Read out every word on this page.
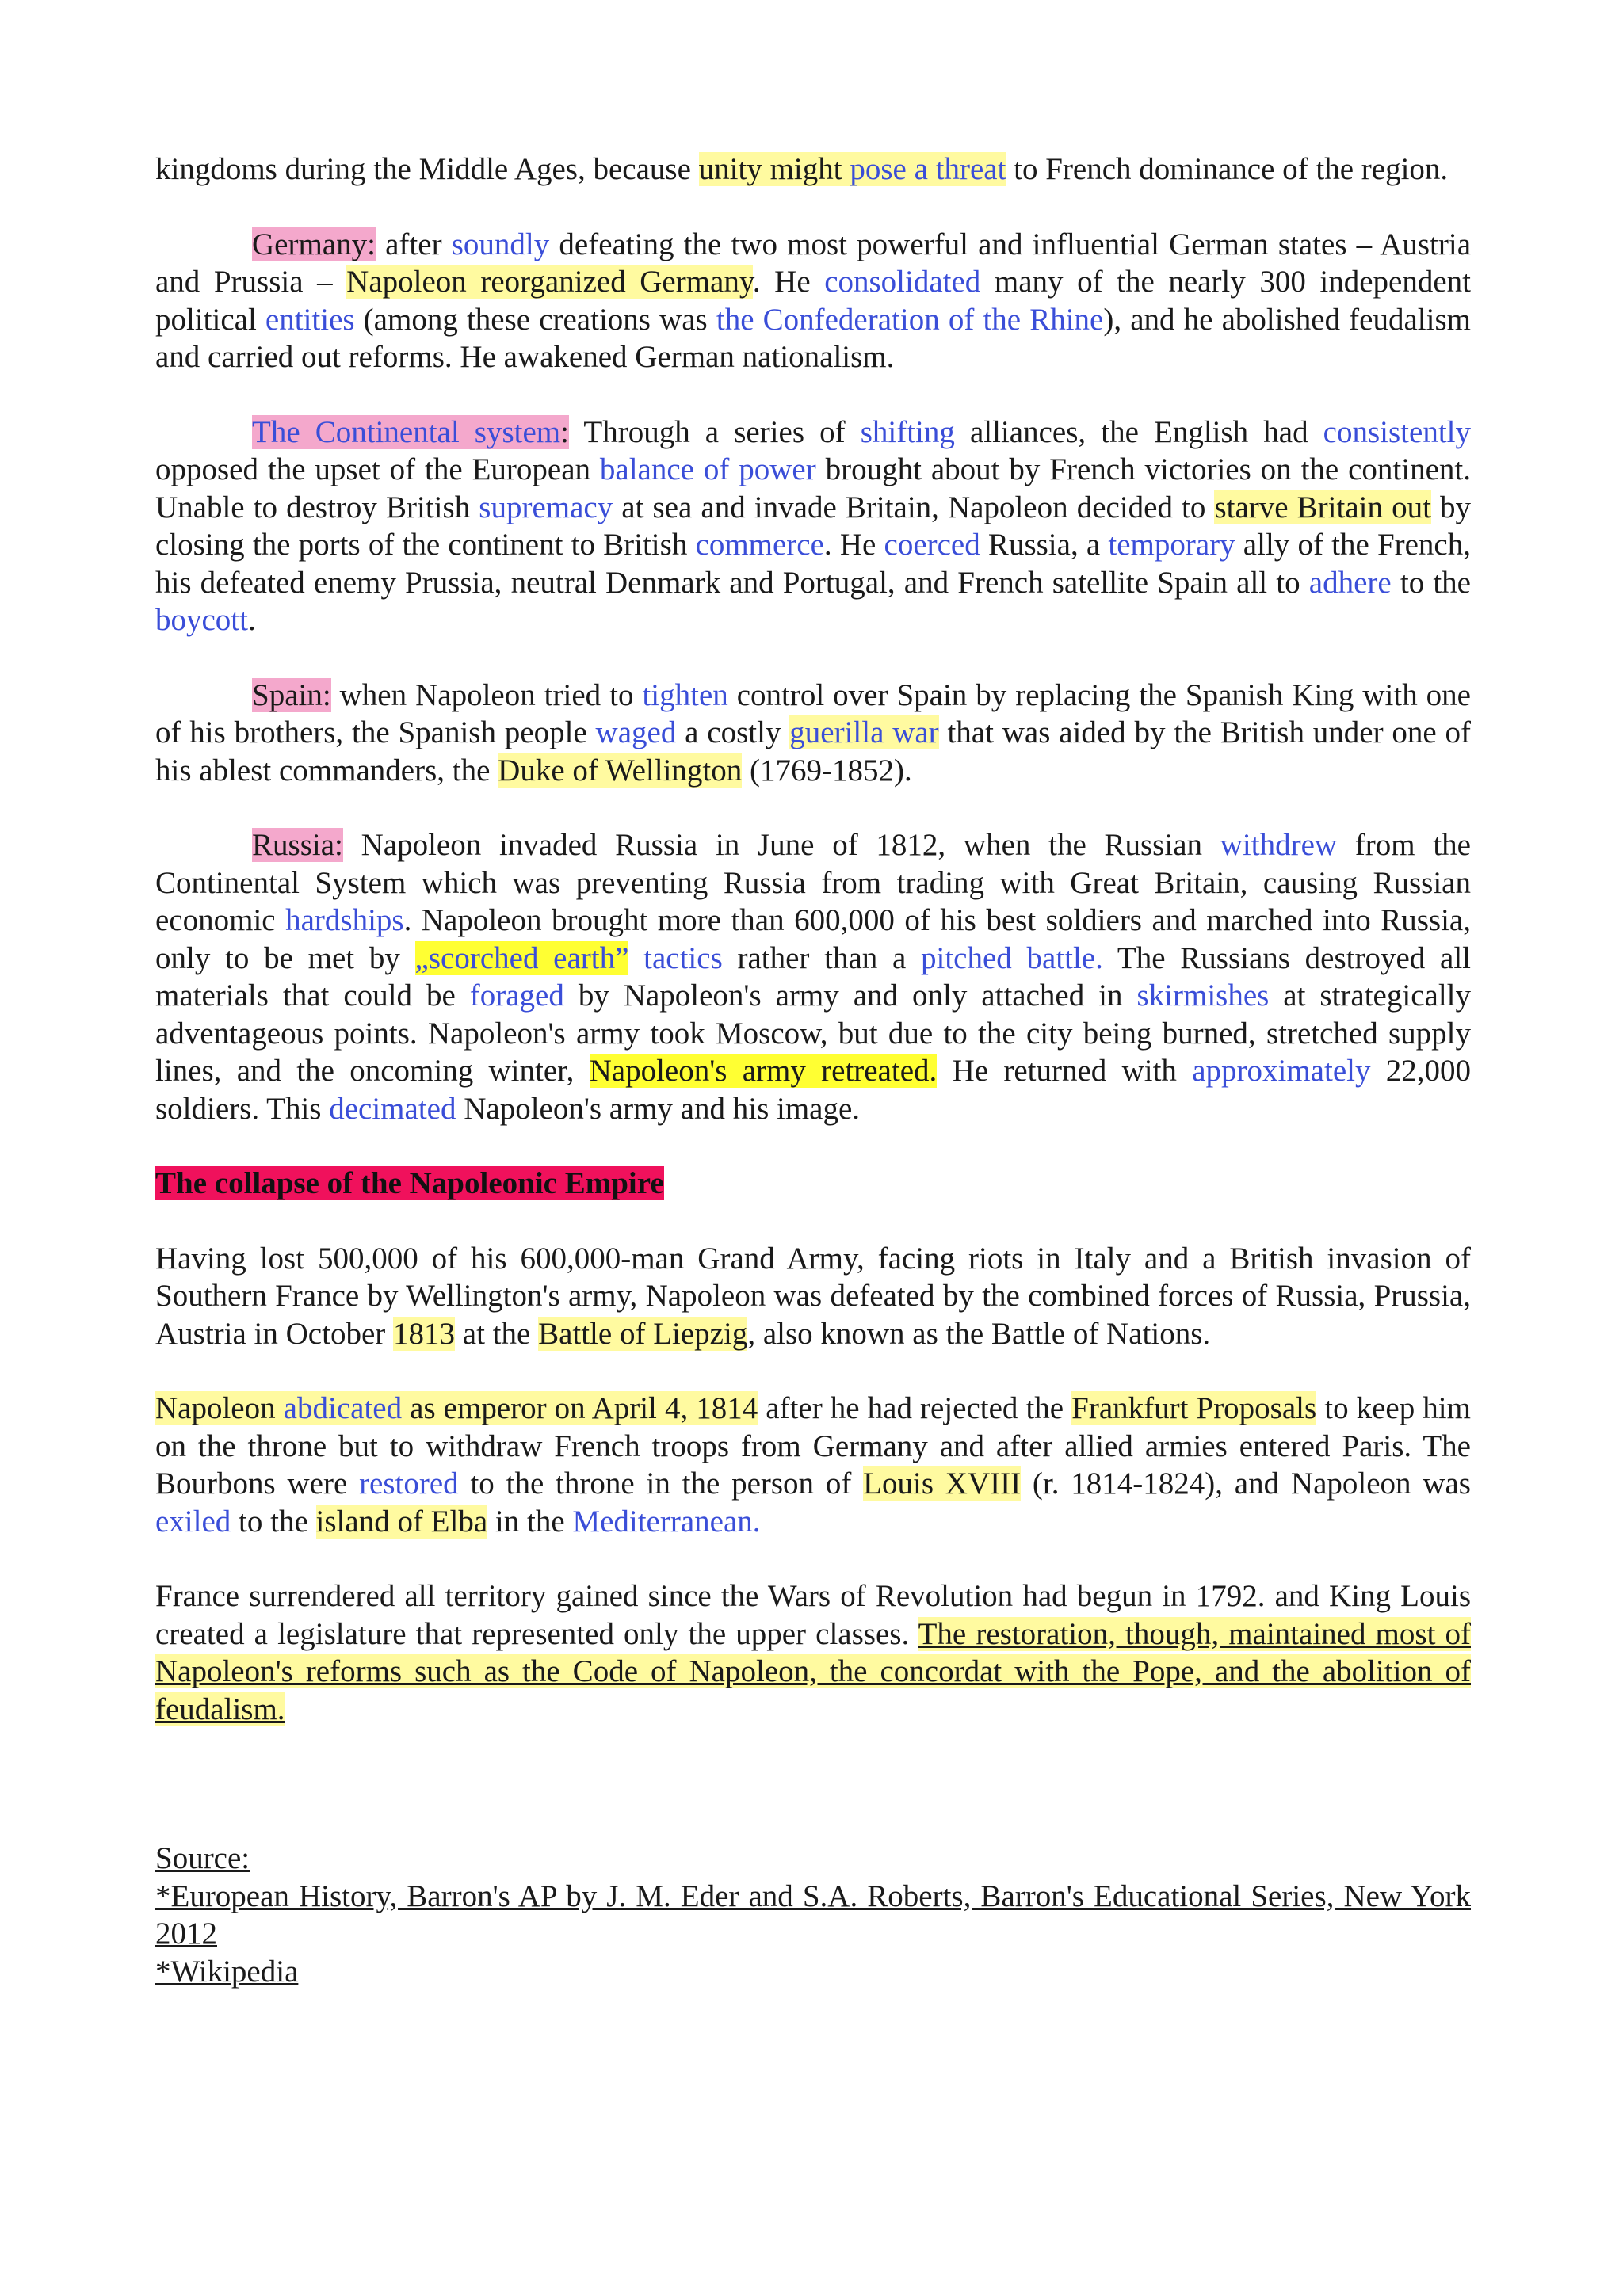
kingdoms during the Middle Ages, because unity might pose a threat to French dominance of the region.

Germany: after soundly defeating the two most powerful and influential German states – Austria and Prussia – Napoleon reorganized Germany. He consolidated many of the nearly 300 independent political entities (among these creations was the Confederation of the Rhine), and he abolished feudalism and carried out reforms. He awakened German nationalism.

The Continental system: Through a series of shifting alliances, the English had consistently opposed the upset of the European balance of power brought about by French victories on the continent. Unable to destroy British supremacy at sea and invade Britain, Napoleon decided to starve Britain out by closing the ports of the continent to British commerce. He coerced Russia, a temporary ally of the French, his defeated enemy Prussia, neutral Denmark and Portugal, and French satellite Spain all to adhere to the boycott.

Spain: when Napoleon tried to tighten control over Spain by replacing the Spanish King with one of his brothers, the Spanish people waged a costly guerilla war that was aided by the British under one of his ablest commanders, the Duke of Wellington (1769-1852).

Russia: Napoleon invaded Russia in June of 1812, when the Russian withdrew from the Continental System which was preventing Russia from trading with Great Britain, causing Russian economic hardships. Napoleon brought more than 600,000 of his best soldiers and marched into Russia, only to be met by „scorched earth” tactics rather than a pitched battle. The Russians destroyed all materials that could be foraged by Napoleon's army and only attached in skirmishes at strategically adventageous points. Napoleon's army took Moscow, but due to the city being burned, stretched supply lines, and the oncoming winter, Napoleon's army retreated. He returned with approximately 22,000 soldiers. This decimated Napoleon's army and his image.

The collapse of the Napoleonic Empire

Having lost 500,000 of his 600,000-man Grand Army, facing riots in Italy and a British invasion of Southern France by Wellington's army, Napoleon was defeated by the combined forces of Russia, Prussia, Austria in October 1813 at the Battle of Liepzig, also known as the Battle of Nations.

Napoleon abdicated as emperor on April 4, 1814 after he had rejected the Frankfurt Proposals to keep him on the throne but to withdraw French troops from Germany and after allied armies entered Paris. The Bourbons were restored to the throne in the person of Louis XVIII (r. 1814-1824), and Napoleon was exiled to the island of Elba in the Mediterranean.

France surrendered all territory gained since the Wars of Revolution had begun in 1792. and King Louis created a legislature that represented only the upper classes. The restoration, though, maintained most of Napoleon's reforms such as the Code of Napoleon, the concordat with the Pope, and the abolition of feudalism.

Source:

*European History, Barron's AP by J. M. Eder and S.A. Roberts, Barron's Educational Series, New York 2012

*Wikipedia
